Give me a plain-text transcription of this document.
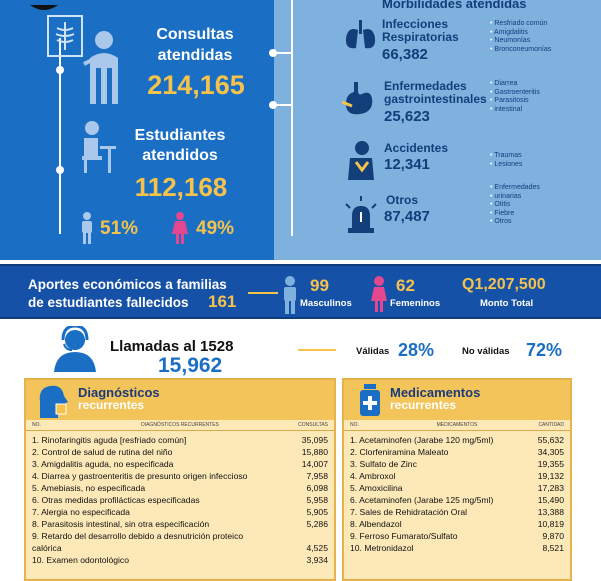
Consultas
atendidas
214,165
Estudiantes
atendidos
112,168
51%	49%
Morbilidades atendidas
Infecciones
Respiratorias
66,382
• Resfriado común
• Amigdalitis
• Neumonías
• Bronconeumonías
Enfermedades
gastrointestinales
25,623
• Diarrea
• Gastroenteritis
• Parasitosis
• intestinal
Accidentes
12,341
• Traumas
• Lesiones
Otros
87,487
• Enfermedades
• urinarias
• Otitis
• Fiebre
• Otros
Aportes económicos a familias
de estudiantes fallecidos	161
99
Masculinos
62
Femeninos
Q1,207,500
Monto Total
Llamadas al 1528
15,962
Válidas 28%	No válidas 72%
Diagnósticos
recurrentes
NO.	DIAGNÓSTICOS RECURRENTES	CONSULTAS
1. Rinofaringitis aguda [resfriado común]	35,095
2. Control de salud de rutina del niño	15,880
3. Amigdalitis aguda, no especificada	14,007
4. Diarrea y gastroenteritis de presunto origen infeccioso	7,958
5. Amebiasis, no especificada	6,098
6. Otras medidas profilácticas especificadas	5,958
7. Alergia no especificada	5,905
8. Parasitosis intestinal, sin otra especificación	5,286
9. Retardo del desarrollo debido a desnutrición proteico
calórica	4,525
10. Examen odontológico	3,934
Medicamentos
recurrentes
NO.	MEDICAMENTOS	CANTIDAD
1. Acetaminofen (Jarabe 120 mg/5ml)	55,632
2. Clorfeniramina Maleato	34,305
3. Sulfato de Zinc	19,355
4. Ambroxol	19,132
5. Amoxicilina	17,283
6. Acetaminofen (Jarabe 125 mg/5ml)	15,490
7. Sales de Rehidratación Oral	13,388
8. Albendazol	10,819
9. Ferroso Fumarato/Sulfato	9,870
10. Metronidazol	8,521
